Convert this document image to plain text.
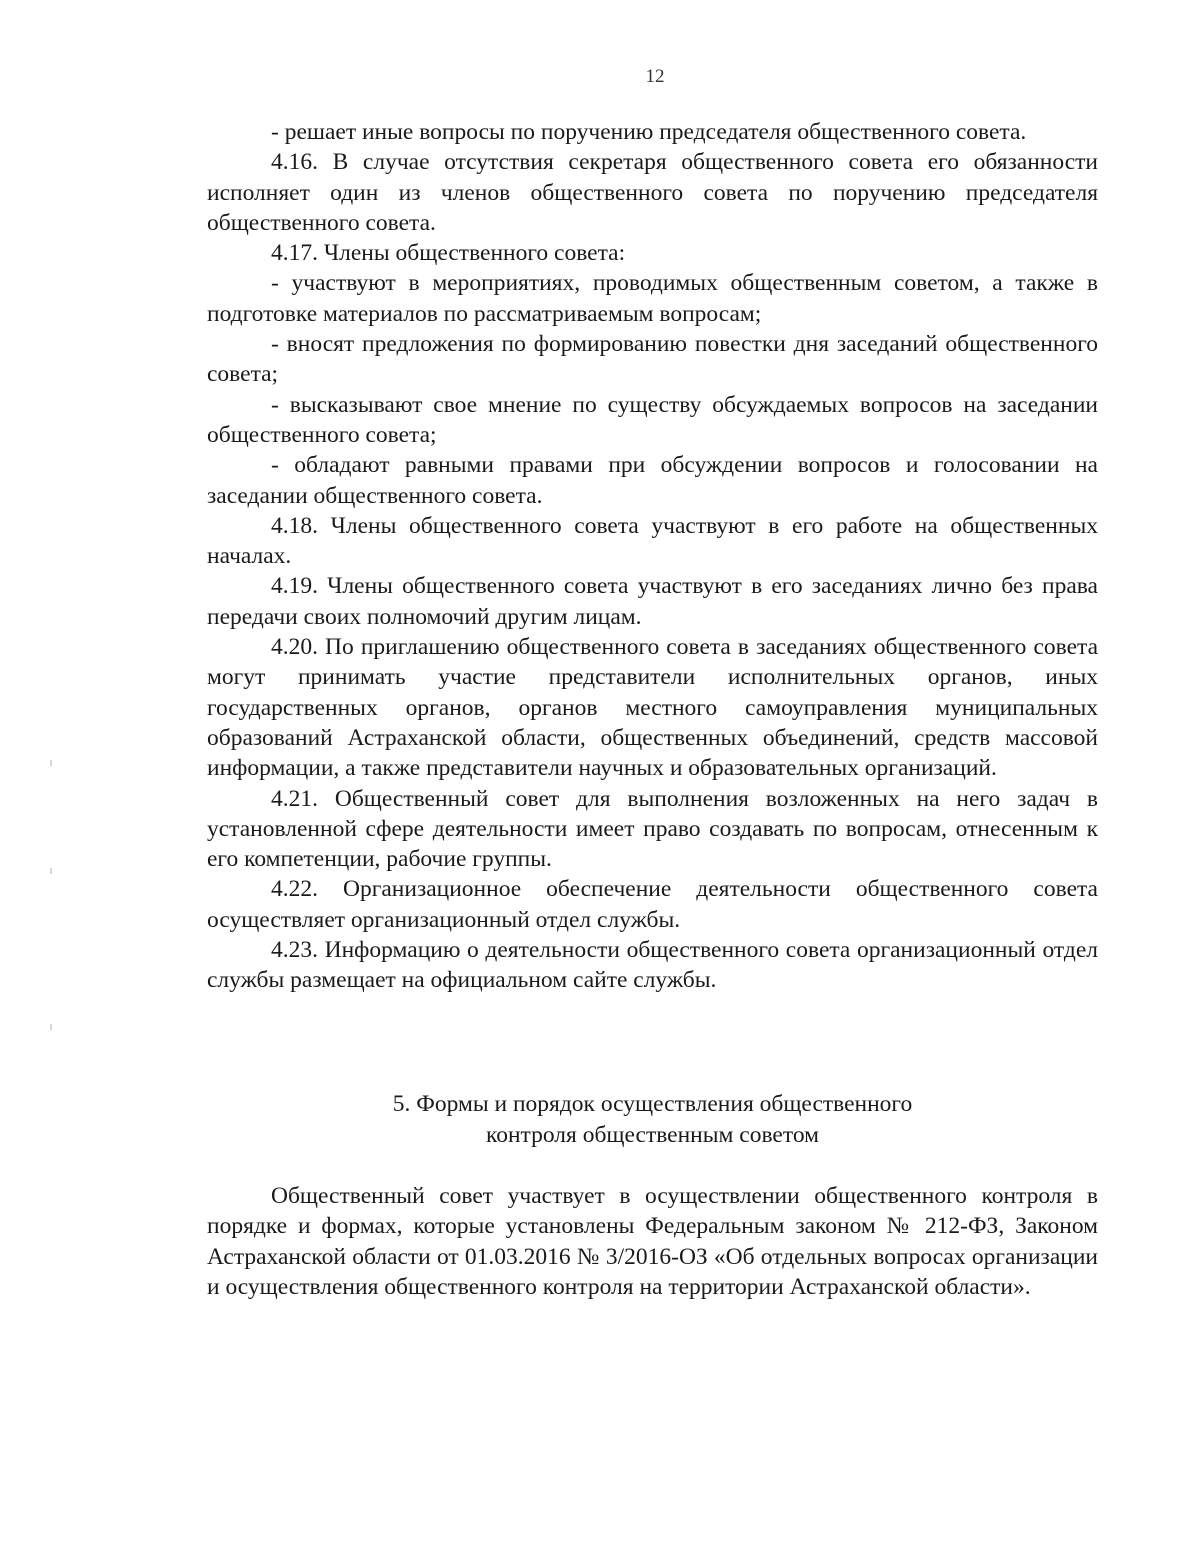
12

- решает иные вопросы по поручению председателя общественного совета.

4.16. В случае отсутствия секретаря общественного совета его обязанности исполняет один из членов общественного совета по поручению председателя общественного совета.

4.17. Члены общественного совета:

- участвуют в мероприятиях, проводимых общественным советом, а также в подготовке материалов по рассматриваемым вопросам;

- вносят предложения по формированию повестки дня заседаний общественного совета;

- высказывают свое мнение по существу обсуждаемых вопросов на заседании общественного совета;

- обладают равными правами при обсуждении вопросов и голосовании на заседании общественного совета.

4.18. Члены общественного совета участвуют в его работе на общественных началах.

4.19. Члены общественного совета участвуют в его заседаниях лично без права передачи своих полномочий другим лицам.

4.20. По приглашению общественного совета в заседаниях общественного совета могут принимать участие представители исполнительных органов, иных государственных органов, органов местного самоуправления муниципальных образований Астраханской области, общественных объединений, средств массовой информации, а также представители научных и образовательных организаций.

4.21. Общественный совет для выполнения возложенных на него задач в установленной сфере деятельности имеет право создавать по вопросам, отнесенным к его компетенции, рабочие группы.

4.22. Организационное обеспечение деятельности общественного совета осуществляет организационный отдел службы.

4.23. Информацию о деятельности общественного совета организационный отдел службы размещает на официальном сайте службы.

5. Формы и порядок осуществления общественного
контроля общественным советом

Общественный совет участвует в осуществлении общественного контроля в порядке и формах, которые установлены Федеральным законом № 212-ФЗ, Законом Астраханской области от 01.03.2016 № 3/2016-ОЗ «Об отдельных вопросах организации и осуществления общественного контроля на территории Астраханской области».
